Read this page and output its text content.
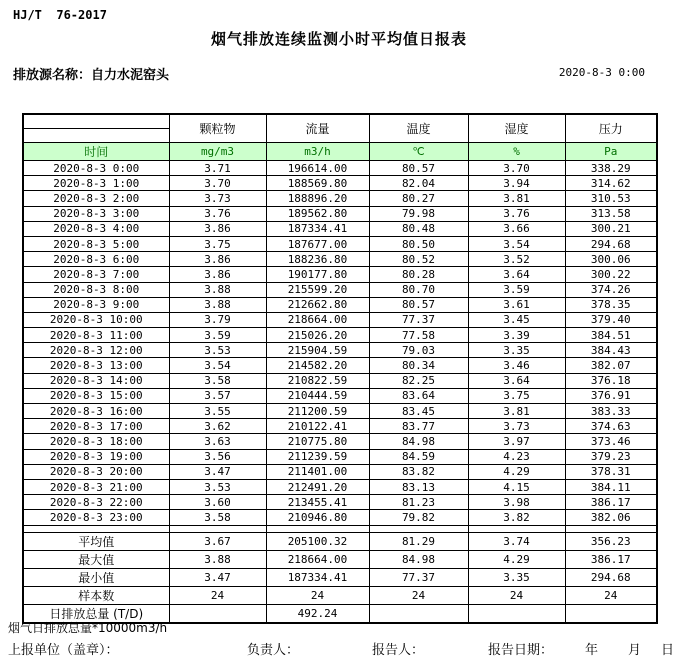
HJ/T  76-2017
烟气排放连续监测小时平均值日报表
排放源名称：自力水泥窑头	2020-8-3 0:00
	颗粒物	流量	温度	湿度	压力

时间	mg/m3	m3/h	℃	%	Pa
2020-8-3 0:00	3.71	196614.00	80.57	3.70	338.29
2020-8-3 1:00	3.70	188569.80	82.04	3.94	314.62
2020-8-3 2:00	3.73	188896.20	80.27	3.81	310.53
2020-8-3 3:00	3.76	189562.80	79.98	3.76	313.58
2020-8-3 4:00	3.86	187334.41	80.48	3.66	300.21
2020-8-3 5:00	3.75	187677.00	80.50	3.54	294.68
2020-8-3 6:00	3.86	188236.80	80.52	3.52	300.06
2020-8-3 7:00	3.86	190177.80	80.28	3.64	300.22
2020-8-3 8:00	3.88	215599.20	80.70	3.59	374.26
2020-8-3 9:00	3.88	212662.80	80.57	3.61	378.35
2020-8-3 10:00	3.79	218664.00	77.37	3.45	379.40
2020-8-3 11:00	3.59	215026.20	77.58	3.39	384.51
2020-8-3 12:00	3.53	215904.59	79.03	3.35	384.43
2020-8-3 13:00	3.54	214582.20	80.34	3.46	382.07
2020-8-3 14:00	3.58	210822.59	82.25	3.64	376.18
2020-8-3 15:00	3.57	210444.59	83.64	3.75	376.91
2020-8-3 16:00	3.55	211200.59	83.45	3.81	383.33
2020-8-3 17:00	3.62	210122.41	83.77	3.73	374.63
2020-8-3 18:00	3.63	210775.80	84.98	3.97	373.46
2020-8-3 19:00	3.56	211239.59	84.59	4.23	379.23
2020-8-3 20:00	3.47	211401.00	83.82	4.29	378.31
2020-8-3 21:00	3.53	212491.20	83.13	4.15	384.11
2020-8-3 22:00	3.60	213455.41	81.23	3.98	386.17
2020-8-3 23:00	3.58	210946.80	79.82	3.82	382.06

平均值	3.67	205100.32	81.29	3.74	356.23
最大值	3.88	218664.00	84.98	4.29	386.17
最小值	3.47	187334.41	77.37	3.35	294.68
样本数	24	24	24	24	24
日排放总量 (T/D)		492.24			
烟气日排放总量*10000m3/h
上报单位（盖章）：	负责人：	报告人：	报告日期： 年 月 日
